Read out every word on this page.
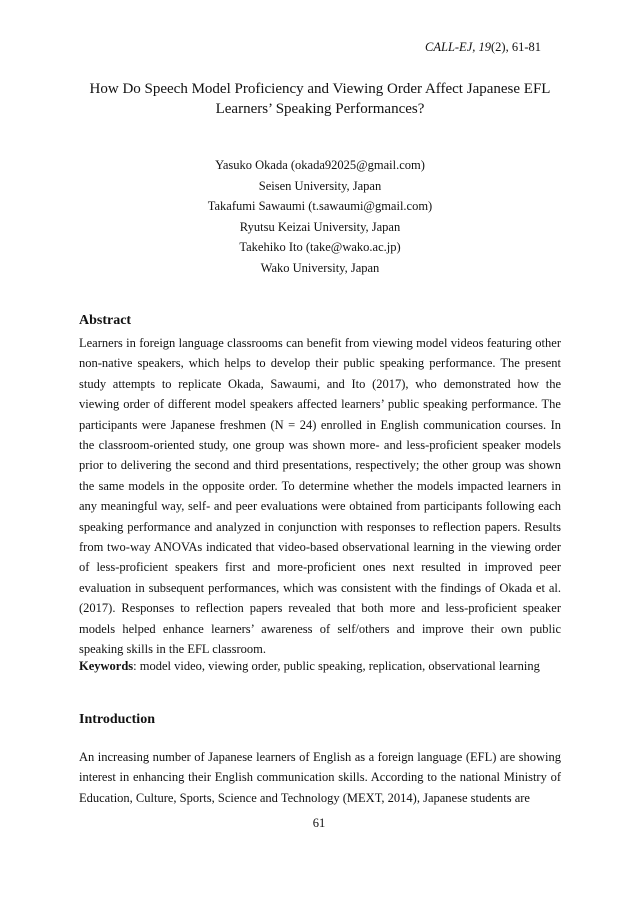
CALL-EJ, 19(2), 61-81
How Do Speech Model Proficiency and Viewing Order Affect Japanese EFL Learners’ Speaking Performances?
Yasuko Okada (okada92025@gmail.com)
Seisen University, Japan
Takafumi Sawaumi (t.sawaumi@gmail.com)
Ryutsu Keizai University, Japan
Takehiko Ito (take@wako.ac.jp)
Wako University, Japan
Abstract

Learners in foreign language classrooms can benefit from viewing model videos featuring other non-native speakers, which helps to develop their public speaking performance. The present study attempts to replicate Okada, Sawaumi, and Ito (2017), who demonstrated how the viewing order of different model speakers affected learners’ public speaking performance. The participants were Japanese freshmen (N = 24) enrolled in English communication courses. In the classroom-oriented study, one group was shown more- and less-proficient speaker models prior to delivering the second and third presentations, respectively; the other group was shown the same models in the opposite order. To determine whether the models impacted learners in any meaningful way, self- and peer evaluations were obtained from participants following each speaking performance and analyzed in conjunction with responses to reflection papers. Results from two-way ANOVAs indicated that video-based observational learning in the viewing order of less-proficient speakers first and more-proficient ones next resulted in improved peer evaluation in subsequent performances, which was consistent with the findings of Okada et al. (2017). Responses to reflection papers revealed that both more and less-proficient speaker models helped enhance learners’ awareness of self/others and improve their own public speaking skills in the EFL classroom.

Keywords: model video, viewing order, public speaking, replication, observational learning

Introduction

An increasing number of Japanese learners of English as a foreign language (EFL) are showing interest in enhancing their English communication skills. According to the national Ministry of Education, Culture, Sports, Science and Technology (MEXT, 2014), Japanese students are

61
